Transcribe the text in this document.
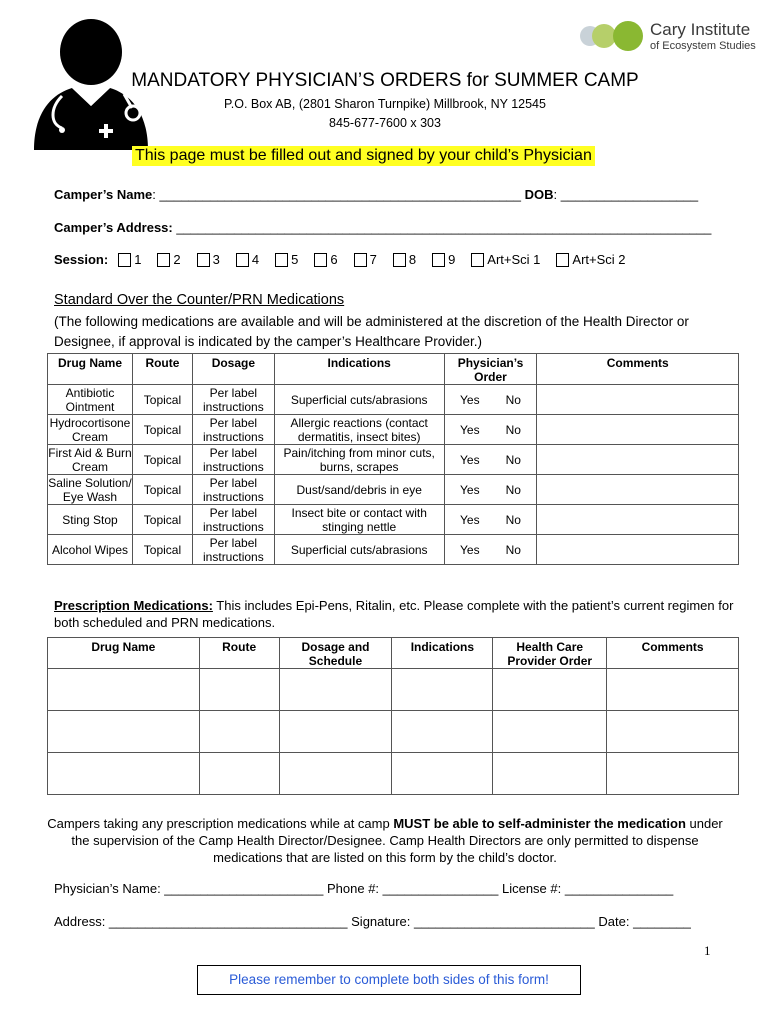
Cary Institute
of Ecosystem Studies
MANDATORY PHYSICIAN’S ORDERS for SUMMER CAMP
P.O. Box AB, (2801 Sharon Turnpike) Millbrook, NY 12545
845-677-7600 x 303
This page must be filled out and signed by your child’s Physician
Camper’s Name: __________________________________________________ DOB: ___________________
Camper’s Address: __________________________________________________________________________
Session: 1 2 3 4 5 6 7 8 9 Art+Sci 1 Art+Sci 2
Standard Over the Counter/PRN Medications
(The following medications are available and will be administered at the discretion of the Health Director or Designee, if approval is indicated by the camper’s Healthcare Provider.)
Drug Name	Route	Dosage	Indications	Physician’s Order	Comments
Antibiotic Ointment	Topical	Per label instructions	Superficial cuts/abrasions	Yes No	

Hydrocortisone Cream	Topical	Per label instructions	Allergic reactions (contact dermatitis, insect bites)	Yes No	

First Aid & Burn Cream	Topical	Per label instructions	Pain/itching from minor cuts, burns, scrapes	Yes No	

Saline Solution/ Eye Wash	Topical	Per label instructions	Dust/sand/debris in eye	Yes No	

Sting Stop	Topical	Per label instructions	Insect bite or contact with stinging nettle	Yes No	

Alcohol Wipes	Topical	Per label instructions	Superficial cuts/abrasions	Yes No	

Prescription Medications: This includes Epi-Pens, Ritalin, etc. Please complete with the patient’s current regimen for both scheduled and PRN medications.
Drug Name	Route	Dosage and Schedule	Indications	Health Care Provider Order	Comments

Campers taking any prescription medications while at camp MUST be able to self-administer the medication under the supervision of the Camp Health Director/Designee. Camp Health Directors are only permitted to dispense medications that are listed on this form by the child’s doctor.
Physician’s Name: ______________________ Phone #: ________________ License #: _______________
Address: _________________________________ Signature: _________________________ Date: ________
1
Please remember to complete both sides of this form!
